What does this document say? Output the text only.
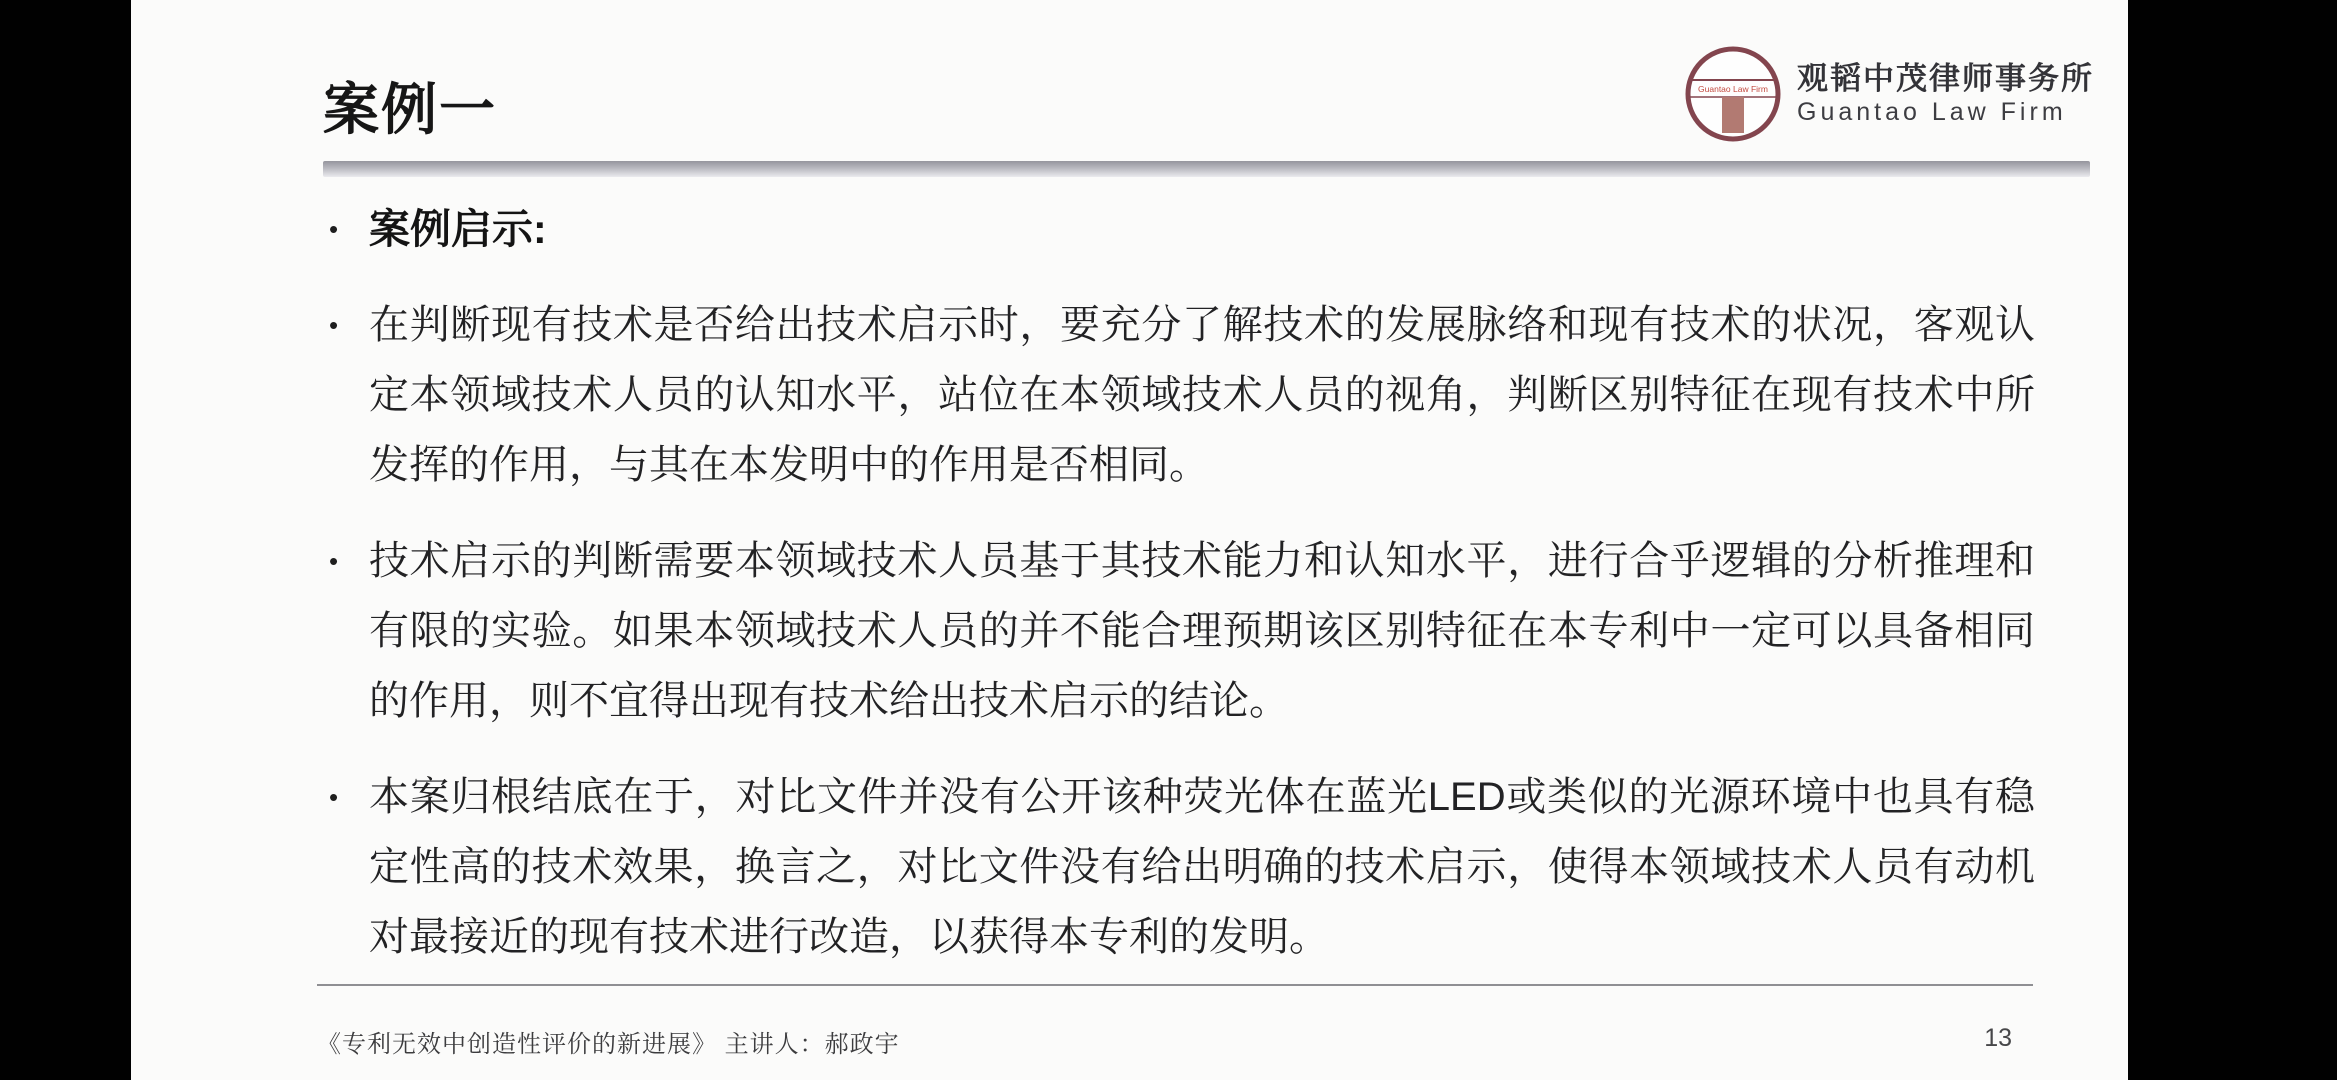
案例一	Guantao Law Firm 观韬中茂律师事务所
Guantao Law Firm
• 案例启示:

• 在判断现有技术是否给出技术启示时，要充分了解技术的发展脉络和现有技术的状况，客观认定本领域技术人员的认知水平，站位在本领域技术人员的视角，判断区别特征在现有技术中所发挥的作用，与其在本发明中的作用是否相同。

• 技术启示的判断需要本领域技术人员基于其技术能力和认知水平，进行合乎逻辑的分析推理和有限的实验。如果本领域技术人员的并不能合理预期该区别特征在本专利中一定可以具备相同的作用，则不宜得出现有技术给出技术启示的结论。

• 本案归根结底在于，对比文件并没有公开该种荧光体在蓝光LED或类似的光源环境中也具有稳定性高的技术效果，换言之，对比文件没有给出明确的技术启示，使得本领域技术人员有动机对最接近的现有技术进行改造，以获得本专利的发明。

《专利无效中创造性评价的新进展》 主讲人：郝政宇	13
